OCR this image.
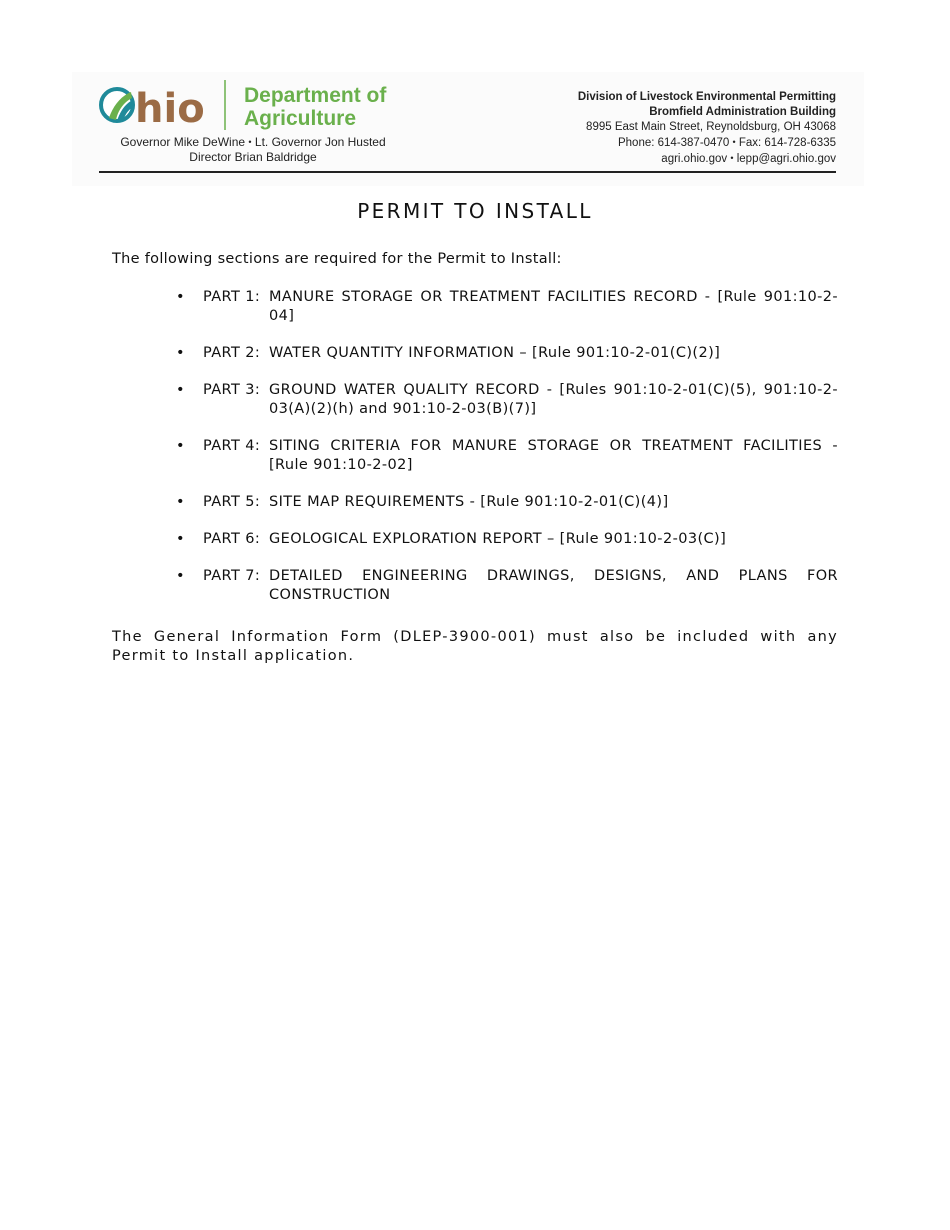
hio Department of
Agriculture
Governor Mike DeWine • Lt. Governor Jon Husted
Director Brian Baldridge
Division of Livestock Environmental Permitting
Bromfield Administration Building
8995 East Main Street, Reynoldsburg, OH 43068
Phone: 614-387-0470 • Fax: 614-728-6335
agri.ohio.gov • lepp@agri.ohio.gov
PERMIT TO INSTALL
The following sections are required for the Permit to Install:
• PART 1: MANURE STORAGE OR TREATMENT FACILITIES RECORD - [Rule 901:10-2-04]
• PART 2: WATER QUANTITY INFORMATION – [Rule 901:10-2-01(C)(2)]
• PART 3: GROUND WATER QUALITY RECORD - [Rules 901:10-2-01(C)(5), 901:10-2-03(A)(2)(h) and 901:10-2-03(B)(7)]
• PART 4: SITING CRITERIA FOR MANURE STORAGE OR TREATMENT FACILITIES - [Rule 901:10-2-02]
• PART 5: SITE MAP REQUIREMENTS - [Rule 901:10-2-01(C)(4)]
• PART 6: GEOLOGICAL EXPLORATION REPORT – [Rule 901:10-2-03(C)]
• PART 7: DETAILED ENGINEERING DRAWINGS, DESIGNS, AND PLANS FOR CONSTRUCTION
The General Information Form (DLEP-3900-001) must also be included with any Permit to Install application.
